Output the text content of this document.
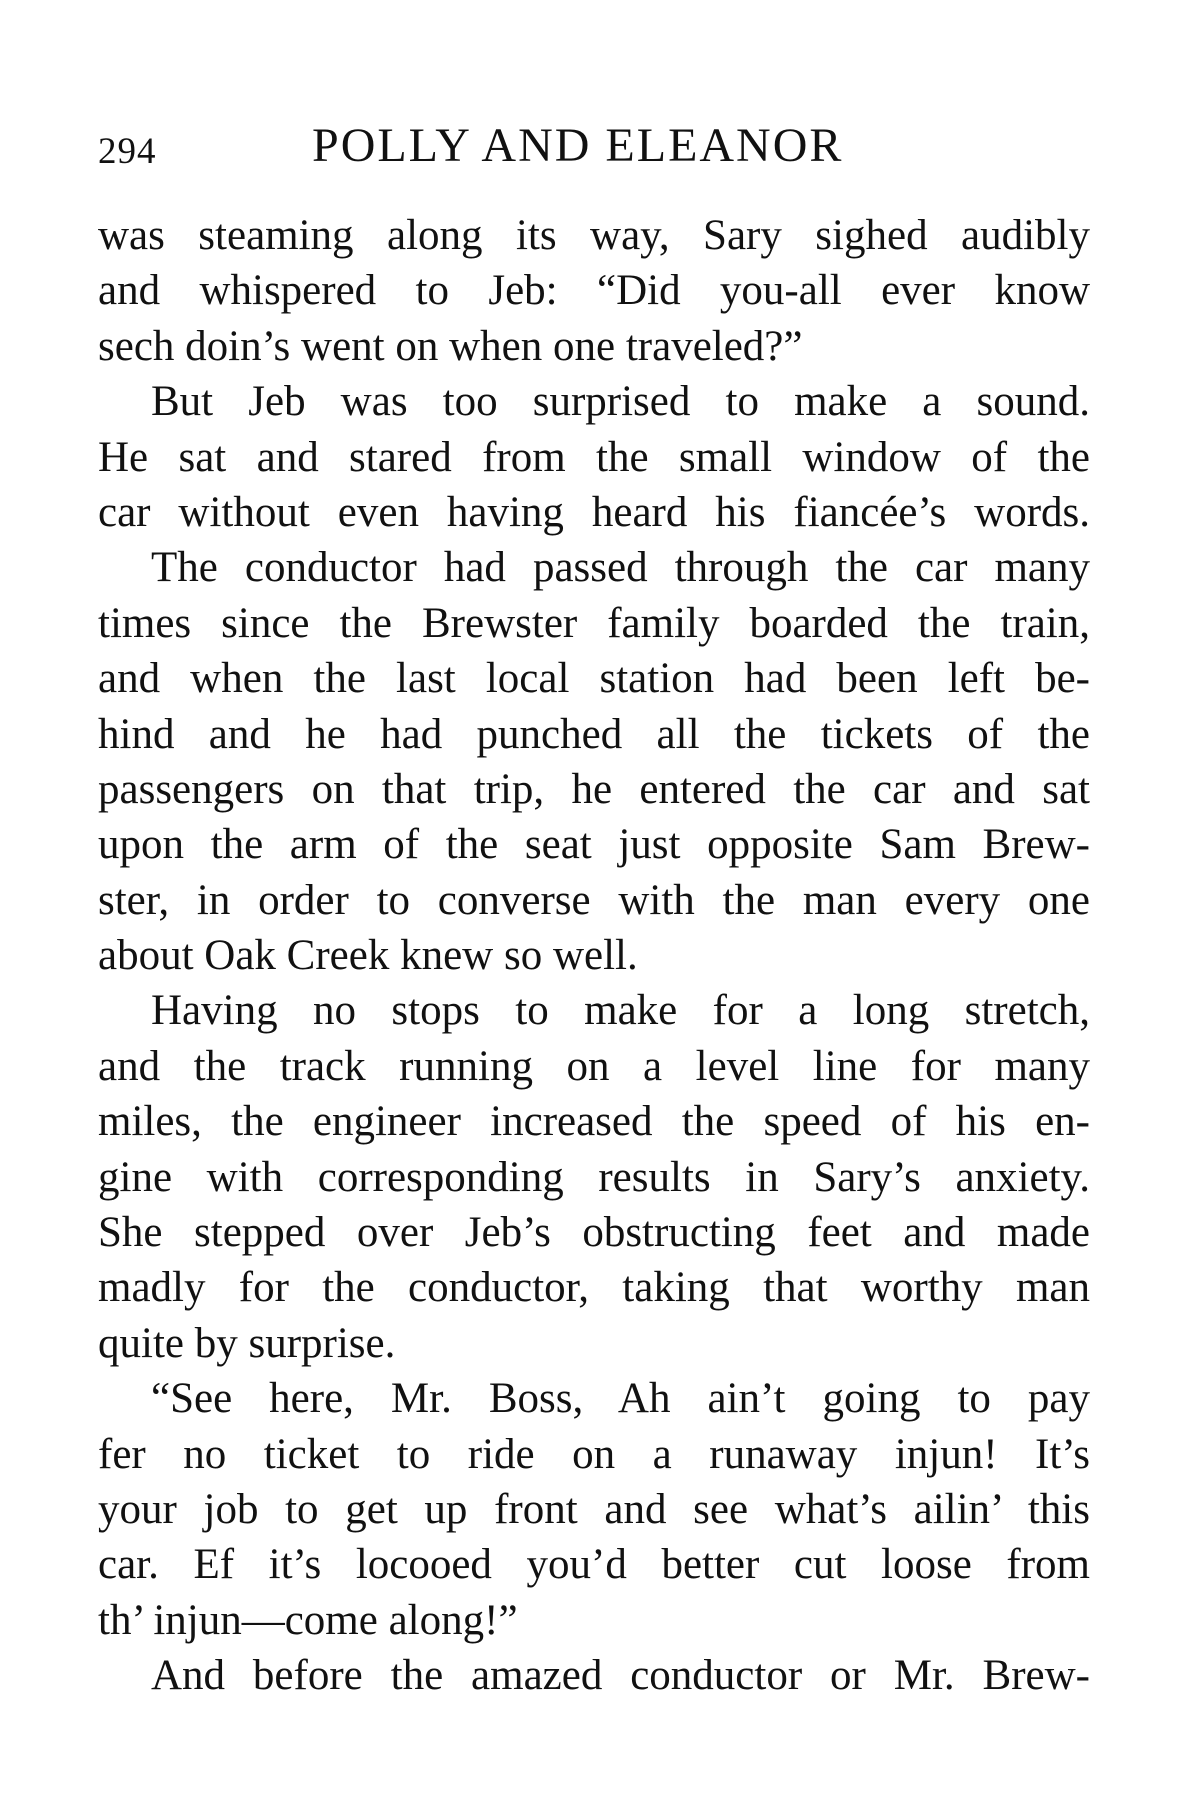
294	POLLY AND ELEANOR
was steaming along its way, Sary sighed audibly
and whispered to Jeb: “Did you-all ever know
sech doin’s went on when one traveled?”
But Jeb was too surprised to make a sound.
He sat and stared from the small window of the
car without even having heard his fiancée’s words.
The conductor had passed through the car many
times since the Brewster family boarded the train,
and when the last local station had been left be-
hind and he had punched all the tickets of the
passengers on that trip, he entered the car and sat
upon the arm of the seat just opposite Sam Brew-
ster, in order to converse with the man every one
about Oak Creek knew so well.
Having no stops to make for a long stretch,
and the track running on a level line for many
miles, the engineer increased the speed of his en-
gine with corresponding results in Sary’s anxiety.
She stepped over Jeb’s obstructing feet and made
madly for the conductor, taking that worthy man
quite by surprise.
“See here, Mr. Boss, Ah ain’t going to pay
fer no ticket to ride on a runaway injun! It’s
your job to get up front and see what’s ailin’ this
car. Ef it’s locooed you’d better cut loose from
th’ injun—come along!”
And before the amazed conductor or Mr. Brew-
